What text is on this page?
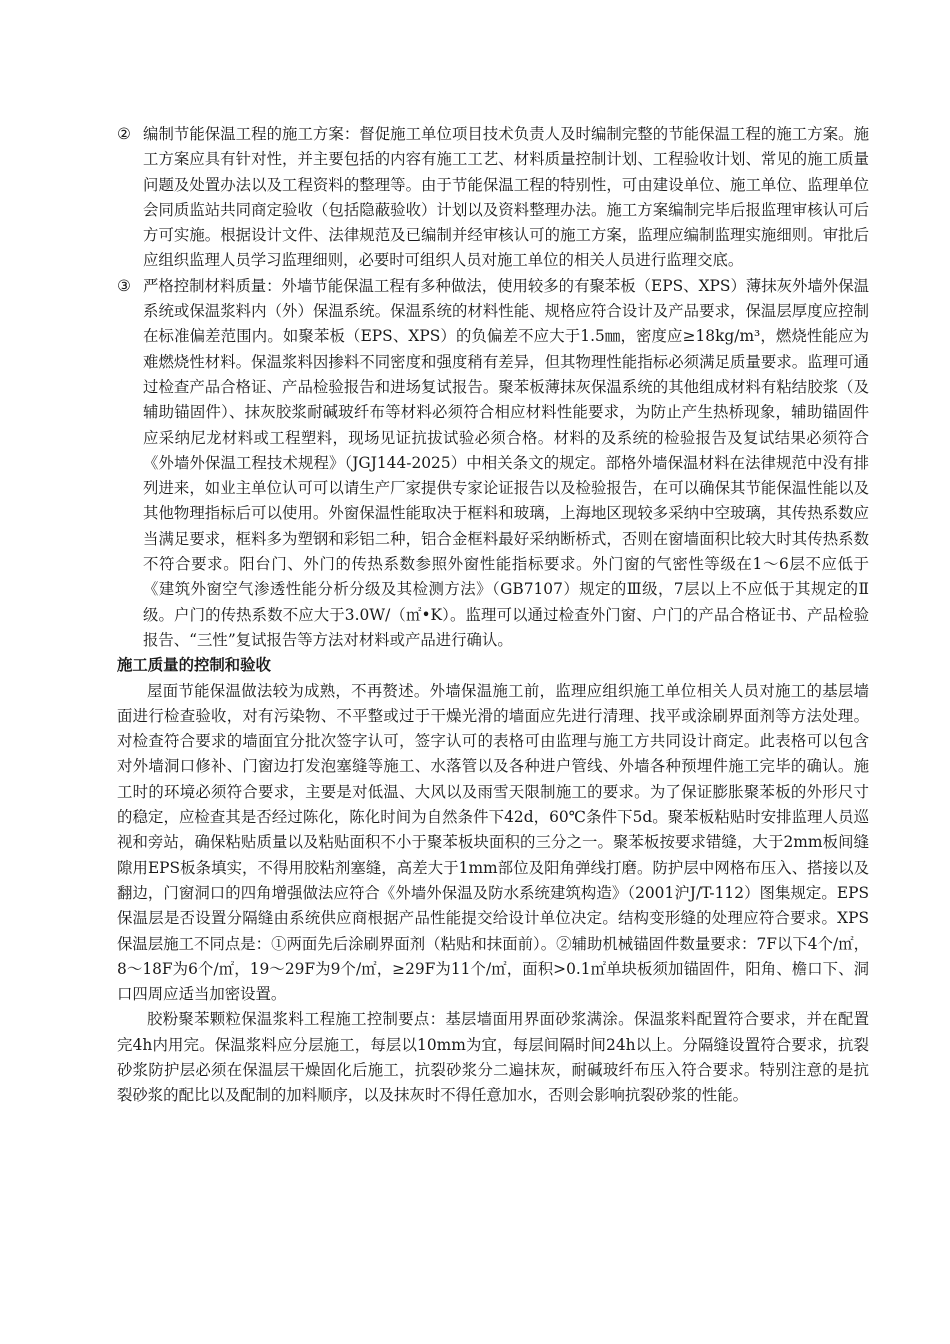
② 编制节能保温工程的施工方案：督促施工单位项目技术负责人及时编制完整的节能保温工程的施工方案。施工方案应具有针对性，并主要包括的内容有施工工艺、材料质量控制计划、工程验收计划、常见的施工质量问题及处置办法以及工程资料的整理等。由于节能保温工程的特别性，可由建设单位、施工单位、监理单位会同质监站共同商定验收（包括隐蔽验收）计划以及资料整理办法。施工方案编制完毕后报监理审核认可后方可实施。根据设计文件、法律规范及已编制并经审核认可的施工方案，监理应编制监理实施细则。审批后应组织监理人员学习监理细则，必要时可组织人员对施工单位的相关人员进行监理交底。
③ 严格控制材料质量：外墙节能保温工程有多种做法，使用较多的有聚苯板（EPS、XPS）薄抹灰外墙外保温系统或保温浆料内（外）保温系统。保温系统的材料性能、规格应符合设计及产品要求，保温层厚度应控制在标准偏差范围内。如聚苯板（EPS、XPS）的负偏差不应大于1.5㎜，密度应≥18kg/m³，燃烧性能应为难燃烧性材料。保温浆料因掺料不同密度和强度稍有差异，但其物理性能指标必须满足质量要求。监理可通过检查产品合格证、产品检验报告和进场复试报告。聚苯板薄抹灰保温系统的其他组成材料有粘结胶浆（及辅助锚固件）、抹灰胶浆耐碱玻纤布等材料必须符合相应材料性能要求，为防止产生热桥现象，辅助锚固件应采纳尼龙材料或工程塑料，现场见证抗拔试验必须合格。材料的及系统的检验报告及复试结果必须符合《外墙外保温工程技术规程》（JGJ144-2025）中相关条文的规定。部格外墙保温材料在法律规范中没有排列进来，如业主单位认可可以请生产厂家提供专家论证报告以及检验报告，在可以确保其节能保温性能以及其他物理指标后可以使用。外窗保温性能取决于框料和玻璃，上海地区现较多采纳中空玻璃，其传热系数应当满足要求，框料多为塑钢和彩铝二种，铝合金框料最好采纳断桥式，否则在窗墙面积比较大时其传热系数不符合要求。阳台门、外门的传热系数参照外窗性能指标要求。外门窗的气密性等级在1～6层不应低于《建筑外窗空气渗透性能分析分级及其检测方法》（GB7107）规定的Ⅲ级，7层以上不应低于其规定的Ⅱ级。户门的传热系数不应大于3.0W/（㎡•K）。监理可以通过检查外门窗、户门的产品合格证书、产品检验报告、“三性”复试报告等方法对材料或产品进行确认。

施工质量的控制和验收

屋面节能保温做法较为成熟，不再赘述。外墙保温施工前，监理应组织施工单位相关人员对施工的基层墙面进行检查验收，对有污染物、不平整或过于干燥光滑的墙面应先进行清理、找平或涂刷界面剂等方法处理。对检查符合要求的墙面宜分批次签字认可，签字认可的表格可由监理与施工方共同设计商定。此表格可以包含对外墙洞口修补、门窗边打发泡塞缝等施工、水落管以及各种进户管线、外墙各种预埋件施工完毕的确认。施工时的环境必须符合要求，主要是对低温、大风以及雨雪天限制施工的要求。为了保证膨胀聚苯板的外形尺寸的稳定，应检查其是否经过陈化，陈化时间为自然条件下42d，60℃条件下5d。聚苯板粘贴时安排监理人员巡视和旁站，确保粘贴质量以及粘贴面积不小于聚苯板块面积的三分之一。聚苯板按要求错缝，大于2mm板间缝隙用EPS板条填实，不得用胶粘剂塞缝，高差大于1mm部位及阳角弹线打磨。防护层中网格布压入、搭接以及翻边，门窗洞口的四角增强做法应符合《外墙外保温及防水系统建筑构造》（2001沪J/T-112）图集规定。EPS保温层是否设置分隔缝由系统供应商根据产品性能提交给设计单位决定。结构变形缝的处理应符合要求。XPS保温层施工不同点是：①两面先后涂刷界面剂（粘贴和抹面前）。②辅助机械锚固件数量要求：7F以下4个/㎡，8～18F为6个/㎡，19～29F为9个/㎡，≥29F为11个/㎡，面积>0.1㎡单块板须加锚固件，阳角、檐口下、洞口四周应适当加密设置。

胶粉聚苯颗粒保温浆料工程施工控制要点：基层墙面用界面砂浆满涂。保温浆料配置符合要求，并在配置完4h内用完。保温浆料应分层施工，每层以10mm为宜，每层间隔时间24h以上。分隔缝设置符合要求，抗裂砂浆防护层必须在保温层干燥固化后施工，抗裂砂浆分二遍抹灰，耐碱玻纤布压入符合要求。特别注意的是抗裂砂浆的配比以及配制的加料顺序，以及抹灰时不得任意加水，否则会影响抗裂砂浆的性能。
